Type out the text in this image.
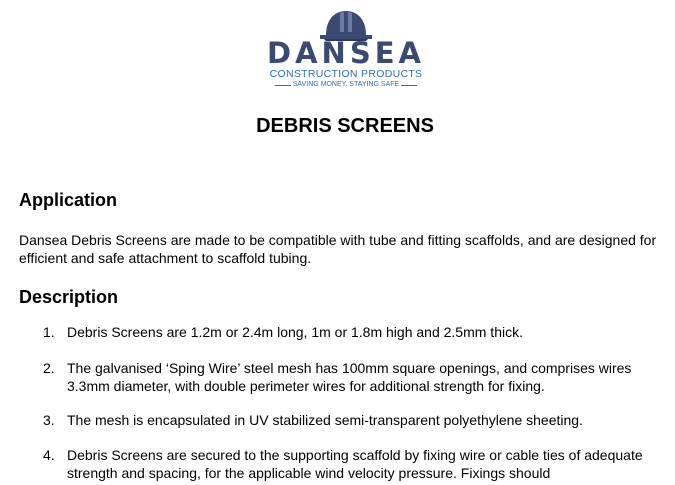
DANSEA
CONSTRUCTION PRODUCTS
SAVING MONEY. STAYING SAFE
DEBRIS SCREENS
Application
Dansea Debris Screens are made to be compatible with tube and fitting scaffolds, and are designed for efficient and safe attachment to scaffold tubing.
Description
1. Debris Screens are 1.2m or 2.4m long, 1m or 1.8m high and 2.5mm thick.
2. The galvanised ‘Sping Wire’ steel mesh has 100mm square openings, and comprises wires 3.3mm diameter, with double perimeter wires for additional strength for fixing.
3. The mesh is encapsulated in UV stabilized semi-transparent polyethylene sheeting.
4. Debris Screens are secured to the supporting scaffold by fixing wire or cable ties of adequate strength and spacing, for the applicable wind velocity pressure. Fixings should
